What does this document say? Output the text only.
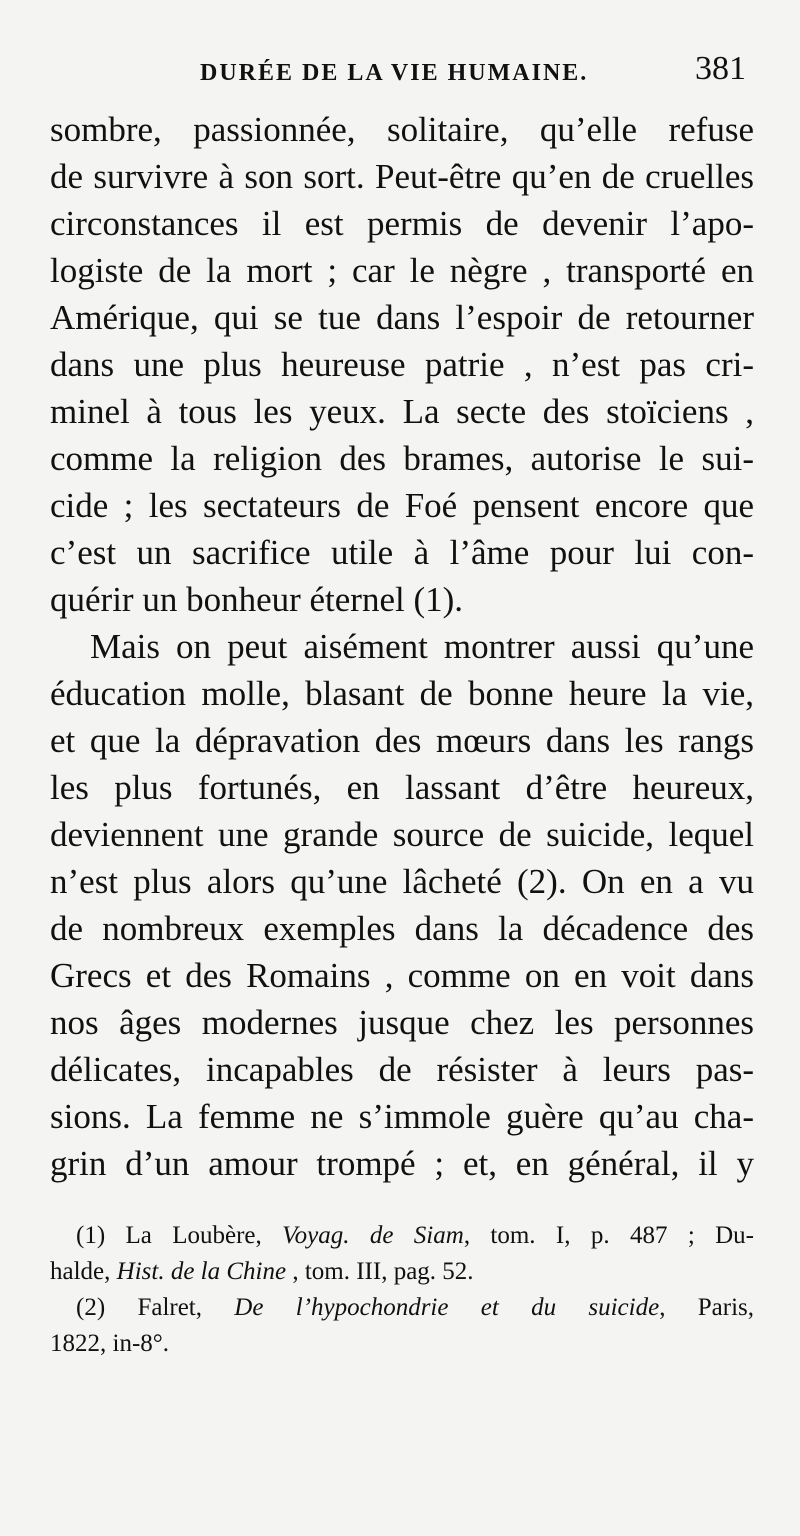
DURÉE DE LA VIE HUMAINE.	381
sombre, passionnée, solitaire, qu’elle refuse
de survivre à son sort. Peut-être qu’en de cruelles
circonstances il est permis de devenir l’apo-
logiste de la mort ; car le nègre , transporté en
Amérique, qui se tue dans l’espoir de retourner
dans une plus heureuse patrie , n’est pas cri-
minel à tous les yeux. La secte des stoïciens ,
comme la religion des brames, autorise le sui-
cide ; les sectateurs de Foé pensent encore que
c’est un sacrifice utile à l’âme pour lui con-
quérir un bonheur éternel (1).
Mais on peut aisément montrer aussi qu’une
éducation molle, blasant de bonne heure la vie,
et que la dépravation des mœurs dans les rangs
les plus fortunés, en lassant d’être heureux,
deviennent une grande source de suicide, lequel
n’est plus alors qu’une lâcheté (2). On en a vu
de nombreux exemples dans la décadence des
Grecs et des Romains , comme on en voit dans
nos âges modernes jusque chez les personnes
délicates, incapables de résister à leurs pas-
sions. La femme ne s’immole guère qu’au cha-
grin d’un amour trompé ; et, en général, il y
(1) La Loubère, Voyag. de Siam, tom. I, p. 487 ; Du-
halde, Hist. de la Chine , tom. III, pag. 52.
(2) Falret, De l’hypochondrie et du suicide, Paris,
1822, in-8°.
